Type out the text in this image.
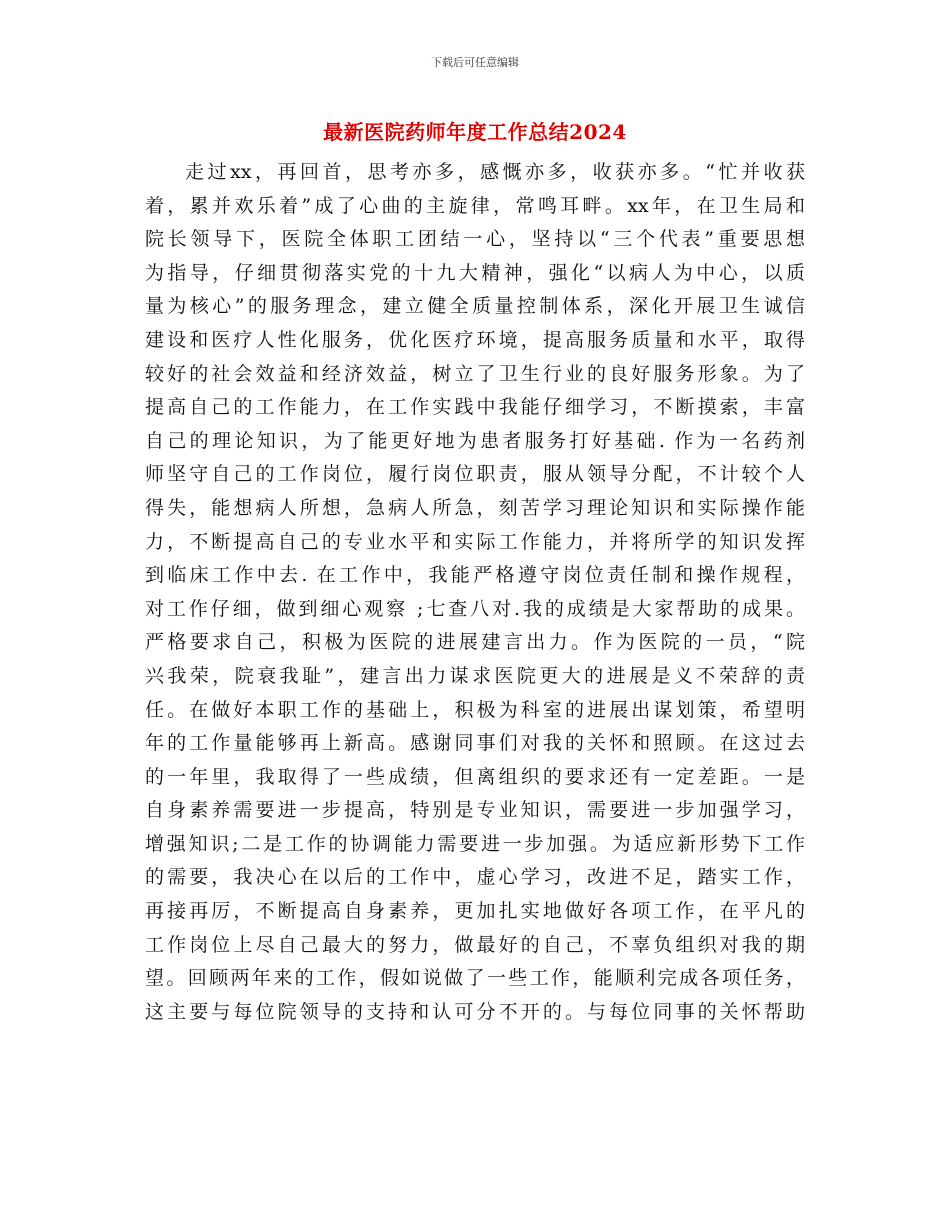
下载后可任意编辑
最新医院药师年度工作总结2024
走过xx，再回首，思考亦多，感慨亦多，收获亦多。“忙并收获
着，累并欢乐着”成了心曲的主旋律，常鸣耳畔。xx年，在卫生局和
院长领导下，医院全体职工团结一心，坚持以“三个代表”重要思想
为指导，仔细贯彻落实党的十九大精神，强化“以病人为中心，以质
量为核心”的服务理念，建立健全质量控制体系，深化开展卫生诚信
建设和医疗人性化服务，优化医疗环境，提高服务质量和水平，取得
较好的社会效益和经济效益，树立了卫生行业的良好服务形象。为了
提高自己的工作能力，在工作实践中我能仔细学习，不断摸索，丰富
自己的理论知识，为了能更好地为患者服务打好基础. 作为一名药剂
师坚守自己的工作岗位，履行岗位职责，服从领导分配，不计较个人
得失，能想病人所想，急病人所急，刻苦学习理论知识和实际操作能
力，不断提高自己的专业水平和实际工作能力，并将所学的知识发挥
到临床工作中去. 在工作中，我能严格遵守岗位责任制和操作规程，
对工作仔细，做到细心观察 ;七查八对.我的成绩是大家帮助的成果。
严格要求自己，积极为医院的进展建言出力。作为医院的一员，“院
兴我荣，院衰我耻”，建言出力谋求医院更大的进展是义不荣辞的责
任。在做好本职工作的基础上，积极为科室的进展出谋划策，希望明
年的工作量能够再上新高。感谢同事们对我的关怀和照顾。在这过去
的一年里，我取得了一些成绩，但离组织的要求还有一定差距。一是
自身素养需要进一步提高，特别是专业知识，需要进一步加强学习，
增强知识;二是工作的协调能力需要进一步加强。为适应新形势下工作
的需要，我决心在以后的工作中，虚心学习，改进不足，踏实工作，
再接再厉，不断提高自身素养，更加扎实地做好各项工作，在平凡的
工作岗位上尽自己最大的努力，做最好的自己，不辜负组织对我的期
望。回顾两年来的工作，假如说做了一些工作，能顺利完成各项任务，
这主要与每位院领导的支持和认可分不开的。与每位同事的关怀帮助
